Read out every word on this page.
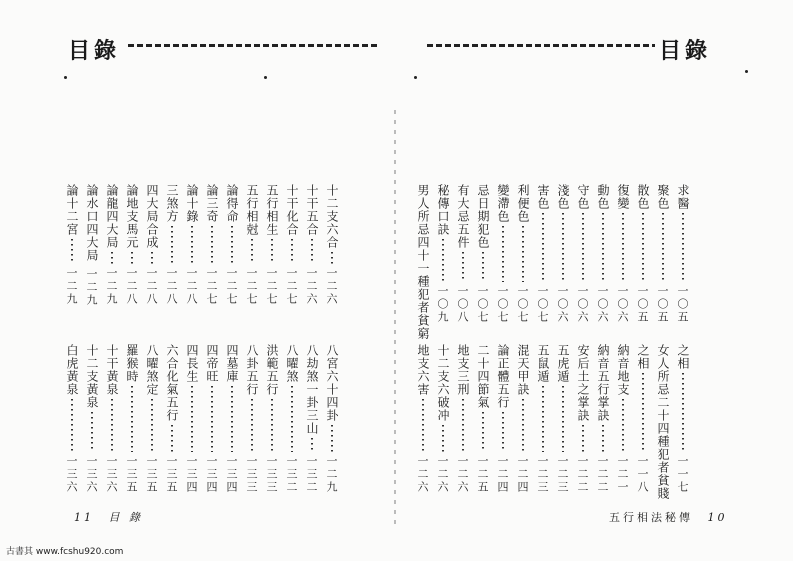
目錄
十二支六合
一二六
十干五合
一二六
十干化合
一二七
五行相生
一二七
五行相尅
一二七
論得命
一二七
論三奇
一二七
論十錄
一二八
三煞方
一二八
四大局合成
一二八
論地支馬元
一二八
論龍四大局
一二九
論水口四大局
一二九
論十二宮
一二九
八宮六十四卦
一二九
八劫煞一卦三山
一三二
八曜煞
一三二
洪範五行
一三三
八卦五行
一三三
四墓庫
一三四
四帝旺
一三四
四長生
一三四
六合化氣五行
一三五
八曜煞定
一三五
羅猴時
一三五
十干黃泉
一三六
十二支黃泉
一三六
白虎黃泉
一三六
11 目 錄
目錄
求醫
一〇五
聚色
一〇五
散色
一〇五
復變
一〇六
動色
一〇六
守色
一〇六
淺色
一〇六
害色
一〇七
利便色
一〇七
變滯色
一〇七
忌日期犯色
一〇七
有大忌五件
一〇八
秘傳口訣
一〇九
男人所忌四十一種犯者貧窮
之相
一一七
女人所忌二十四種犯者貧賤
之相
一一八
納音地支
一二一
納音五行掌訣
一二二
安后土之掌訣
一二二
五虎遁
一二三
五鼠遁
一二三
混天甲訣
一二四
論正體五行
一二四
二十四節氣
一二五
地支三刑
一二六
十二支六破冲
一二六
地支六害
一二六
五行相法秘傳 10
古書其 www.fcshu920.com
